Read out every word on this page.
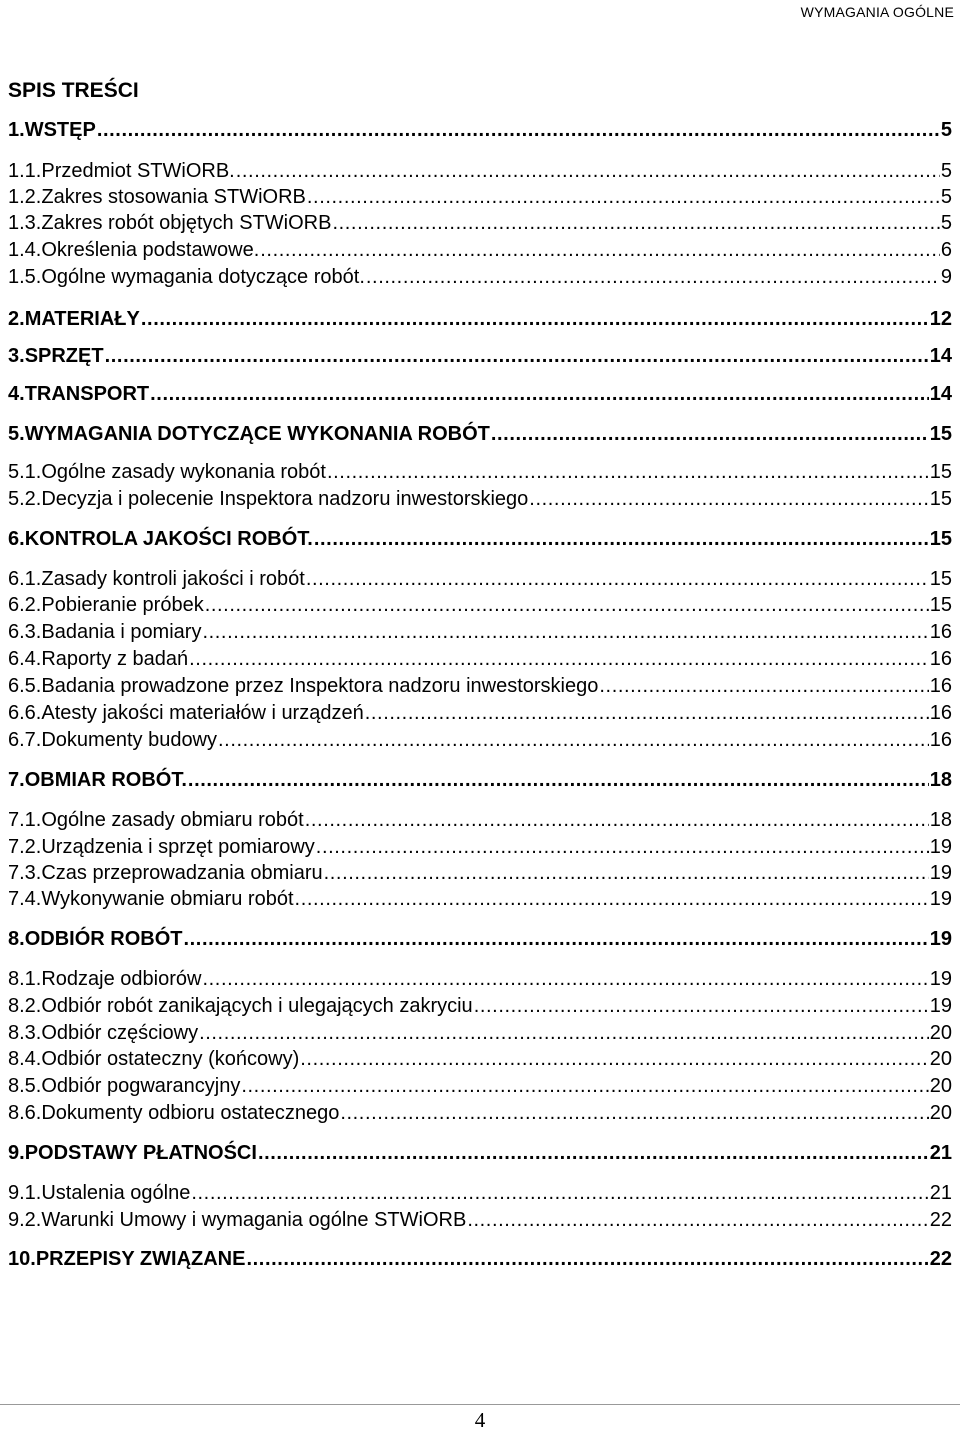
WYMAGANIA OGÓLNE
SPIS TREŚCI
1. WSTĘP .....	5
1.1. Przedmiot STWiORB. .....	5
1.2. Zakres stosowania STWiORB .....	5
1.3. Zakres robót objętych STWiORB .....	5
1.4. Określenia podstawowe. .....	6
1.5. Ogólne wymagania dotyczące robót. .....	9
2. MATERIAŁY .....	12
3. SPRZĘT .....	14
4. TRANSPORT .....	14
5. WYMAGANIA DOTYCZĄCE WYKONANIA ROBÓT .....	15
5.1. Ogólne zasady wykonania robót .....	15
5.2. Decyzja i polecenie Inspektora nadzoru inwestorskiego .....	15
6. KONTROLA JAKOŚCI ROBÓT. .....	15
6.1. Zasady kontroli jakości i robót .....	15
6.2. Pobieranie próbek .....	15
6.3. Badania i pomiary .....	16
6.4. Raporty z badań .....	16
6.5. Badania prowadzone przez Inspektora nadzoru inwestorskiego .....	16
6.6. Atesty jakości materiałów i urządzeń .....	16
6.7. Dokumenty budowy .....	16
7. OBMIAR ROBÓT. .....	18
7.1. Ogólne zasady obmiaru robót .....	18
7.2. Urządzenia i sprzęt pomiarowy .....	19
7.3. Czas przeprowadzania obmiaru .....	19
7.4. Wykonywanie obmiaru robót .....	19
8. ODBIÓR ROBÓT .....	19
8.1. Rodzaje odbiorów .....	19
8.2. Odbiór robót zanikających i ulegających zakryciu .....	19
8.3. Odbiór częściowy .....	20
8.4. Odbiór ostateczny (końcowy) .....	20
8.5. Odbiór pogwarancyjny .....	20
8.6. Dokumenty odbioru ostatecznego .....	20
9. PODSTAWY PŁATNOŚCI .....	21
9.1. Ustalenia ogólne .....	21
9.2. Warunki Umowy i wymagania ogólne STWiORB .....	22
10. PRZEPISY ZWIĄZANE .....	22
4
